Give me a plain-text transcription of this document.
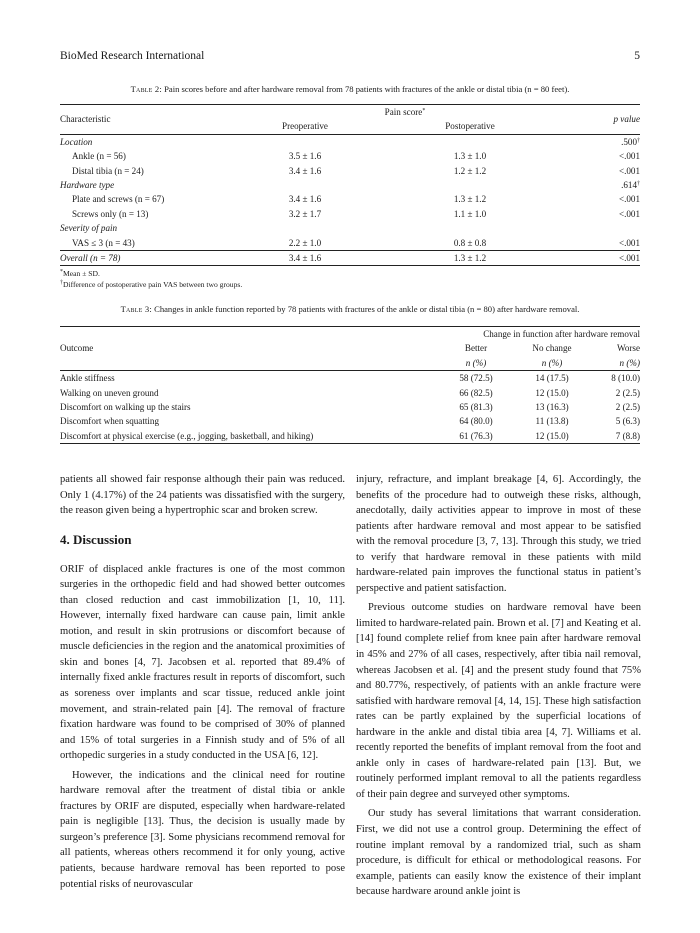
BioMed Research International	5
Table 2: Pain scores before and after hardware removal from 78 patients with fractures of the ankle or distal tibia (n = 80 feet).
Characteristic	Pain score*		p value
	Preoperative	Postoperative	
Location			.500†
Ankle (n = 56)	3.5 ± 1.6	1.3 ± 1.0	<.001
Distal tibia (n = 24)	3.4 ± 1.6	1.2 ± 1.2	<.001
Hardware type			.614†
Plate and screws (n = 67)	3.4 ± 1.6	1.3 ± 1.2	<.001
Screws only (n = 13)	3.2 ± 1.7	1.1 ± 1.0	<.001
Severity of pain			
VAS ≤ 3 (n = 43)	2.2 ± 1.0	0.8 ± 0.8	<.001
Overall (n = 78)	3.4 ± 1.6	1.3 ± 1.2	<.001
*Mean ± SD.
†Difference of postoperative pain VAS between two groups.
Table 3: Changes in ankle function reported by 78 patients with fractures of the ankle or distal tibia (n = 80) after hardware removal.
Outcome	Change in function after hardware removal		
	Better	No change	Worse
	n (%)	n (%)	n (%)
Ankle stiffness	58 (72.5)	14 (17.5)	8 (10.0)
Walking on uneven ground	66 (82.5)	12 (15.0)	2 (2.5)
Discomfort on walking up the stairs	65 (81.3)	13 (16.3)	2 (2.5)
Discomfort when squatting	64 (80.0)	11 (13.8)	5 (6.3)
Discomfort at physical exercise (e.g., jogging, basketball, and hiking)	61 (76.3)	12 (15.0)	7 (8.8)

patients all showed fair response although their pain was reduced. Only 1 (4.17%) of the 24 patients was dissatisfied with the surgery, the reason given being a hypertrophic scar and broken screw.

4. Discussion

ORIF of displaced ankle fractures is one of the most common surgeries in the orthopedic field and had showed better outcomes than closed reduction and cast immobilization [1, 10, 11]. However, internally fixed hardware can cause pain, limit ankle motion, and result in skin protrusions or discomfort because of muscle deficiencies in the region and the anatomical proximities of skin and bones [4, 7]. Jacobsen et al. reported that 89.4% of internally fixed ankle fractures result in reports of discomfort, such as soreness over implants and scar tissue, reduced ankle joint movement, and strain-related pain [4]. The removal of fracture fixation hardware was found to be comprised of 30% of planned and 15% of total surgeries in a Finnish study and of 5% of all orthopedic surgeries in a study conducted in the USA [6, 12].

However, the indications and the clinical need for routine hardware removal after the treatment of distal tibia or ankle fractures by ORIF are disputed, especially when hardware-related pain is negligible [13]. Thus, the decision is usually made by surgeon’s preference [3]. Some physicians recommend removal for all patients, whereas others recommend it for only young, active patients, because hardware removal has been reported to pose potential risks of neurovascular

injury, refracture, and implant breakage [4, 6]. Accordingly, the benefits of the procedure had to outweigh these risks, although, anecdotally, daily activities appear to improve in most of these patients after hardware removal and most appear to be satisfied with the removal procedure [3, 7, 13]. Through this study, we tried to verify that hardware removal in these patients with mild hardware-related pain improves the functional status in patient’s perspective and patient satisfaction.

Previous outcome studies on hardware removal have been limited to hardware-related pain. Brown et al. [7] and Keating et al. [14] found complete relief from knee pain after hardware removal in 45% and 27% of all cases, respectively, after tibia nail removal, whereas Jacobsen et al. [4] and the present study found that 75% and 80.77%, respectively, of patients with an ankle fracture were satisfied with hardware removal [4, 14, 15]. These high satisfaction rates can be partly explained by the superficial locations of hardware in the ankle and distal tibia area [4, 7]. Williams et al. recently reported the benefits of implant removal from the foot and ankle only in cases of hardware-related pain [13]. But, we routinely performed implant removal to all the patients regardless of their pain degree and surveyed other symptoms.

Our study has several limitations that warrant consideration. First, we did not use a control group. Determining the effect of routine implant removal by a randomized trial, such as sham procedure, is difficult for ethical or methodological reasons. For example, patients can easily know the existence of their implant because hardware around ankle joint is
